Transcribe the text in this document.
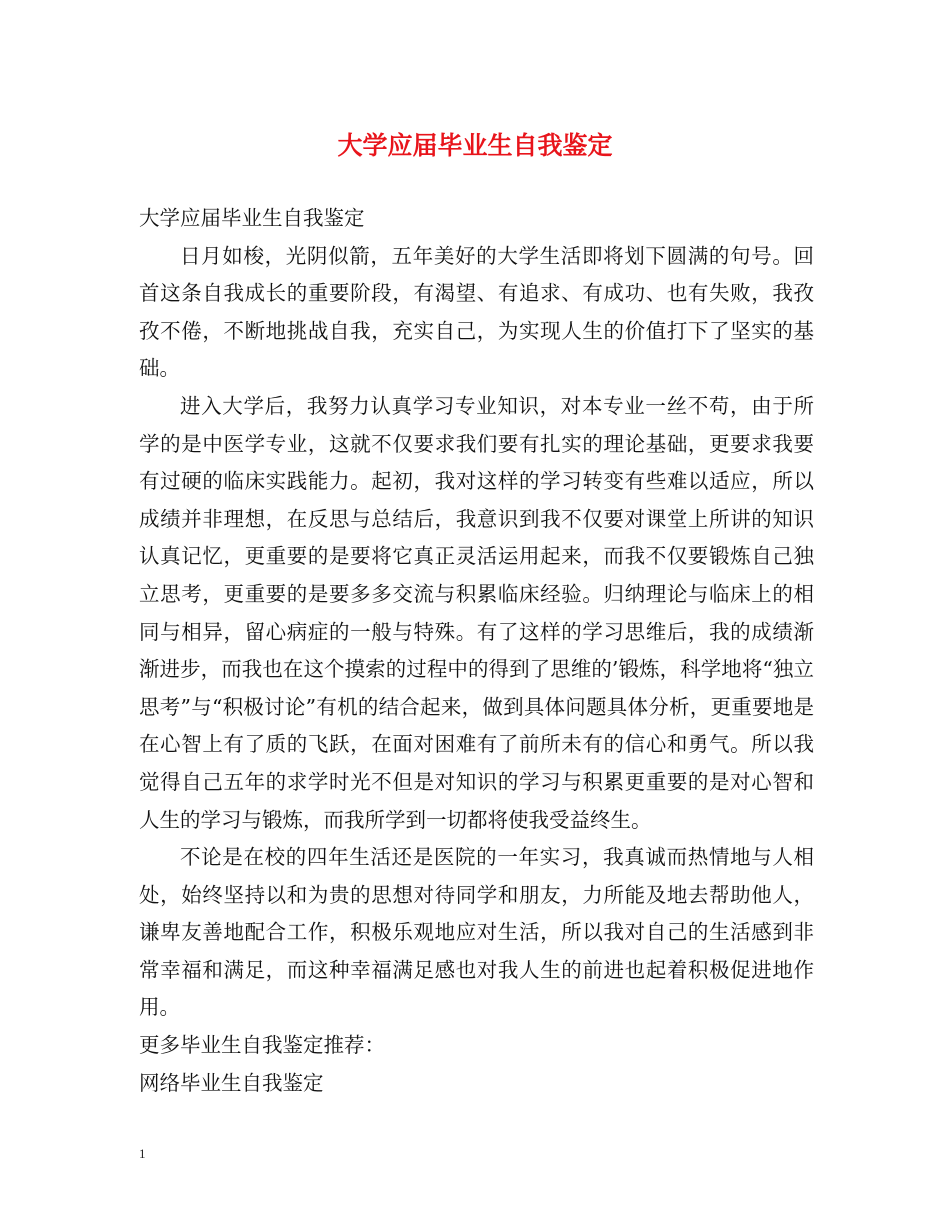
大学应届毕业生自我鉴定

大学应届毕业生自我鉴定

日月如梭，光阴似箭，五年美好的大学生活即将划下圆满的句号。回首这条自我成长的重要阶段，有渴望、有追求、有成功、也有失败，我孜孜不倦，不断地挑战自我，充实自己，为实现人生的价值打下了坚实的基础。

进入大学后，我努力认真学习专业知识，对本专业一丝不苟，由于所学的是中医学专业，这就不仅要求我们要有扎实的理论基础，更要求我要有过硬的临床实践能力。起初，我对这样的学习转变有些难以适应，所以成绩并非理想，在反思与总结后，我意识到我不仅要对课堂上所讲的知识认真记忆，更重要的是要将它真正灵活运用起来，而我不仅要锻炼自己独立思考，更重要的是要多多交流与积累临床经验。归纳理论与临床上的相同与相异，留心病症的一般与特殊。有了这样的学习思维后，我的成绩渐渐进步，而我也在这个摸索的过程中的得到了思维的’锻炼，科学地将“独立思考”与“积极讨论”有机的结合起来，做到具体问题具体分析，更重要地是在心智上有了质的飞跃，在面对困难有了前所未有的信心和勇气。所以我觉得自己五年的求学时光不但是对知识的学习与积累更重要的是对心智和人生的学习与锻炼，而我所学到一切都将使我受益终生。

不论是在校的四年生活还是医院的一年实习，我真诚而热情地与人相处，始终坚持以和为贵的思想对待同学和朋友，力所能及地去帮助他人，谦卑友善地配合工作，积极乐观地应对生活，所以我对自己的生活感到非常幸福和满足，而这种幸福满足感也对我人生的前进也起着积极促进地作用。

更多毕业生自我鉴定推荐：

网络毕业生自我鉴定

1
